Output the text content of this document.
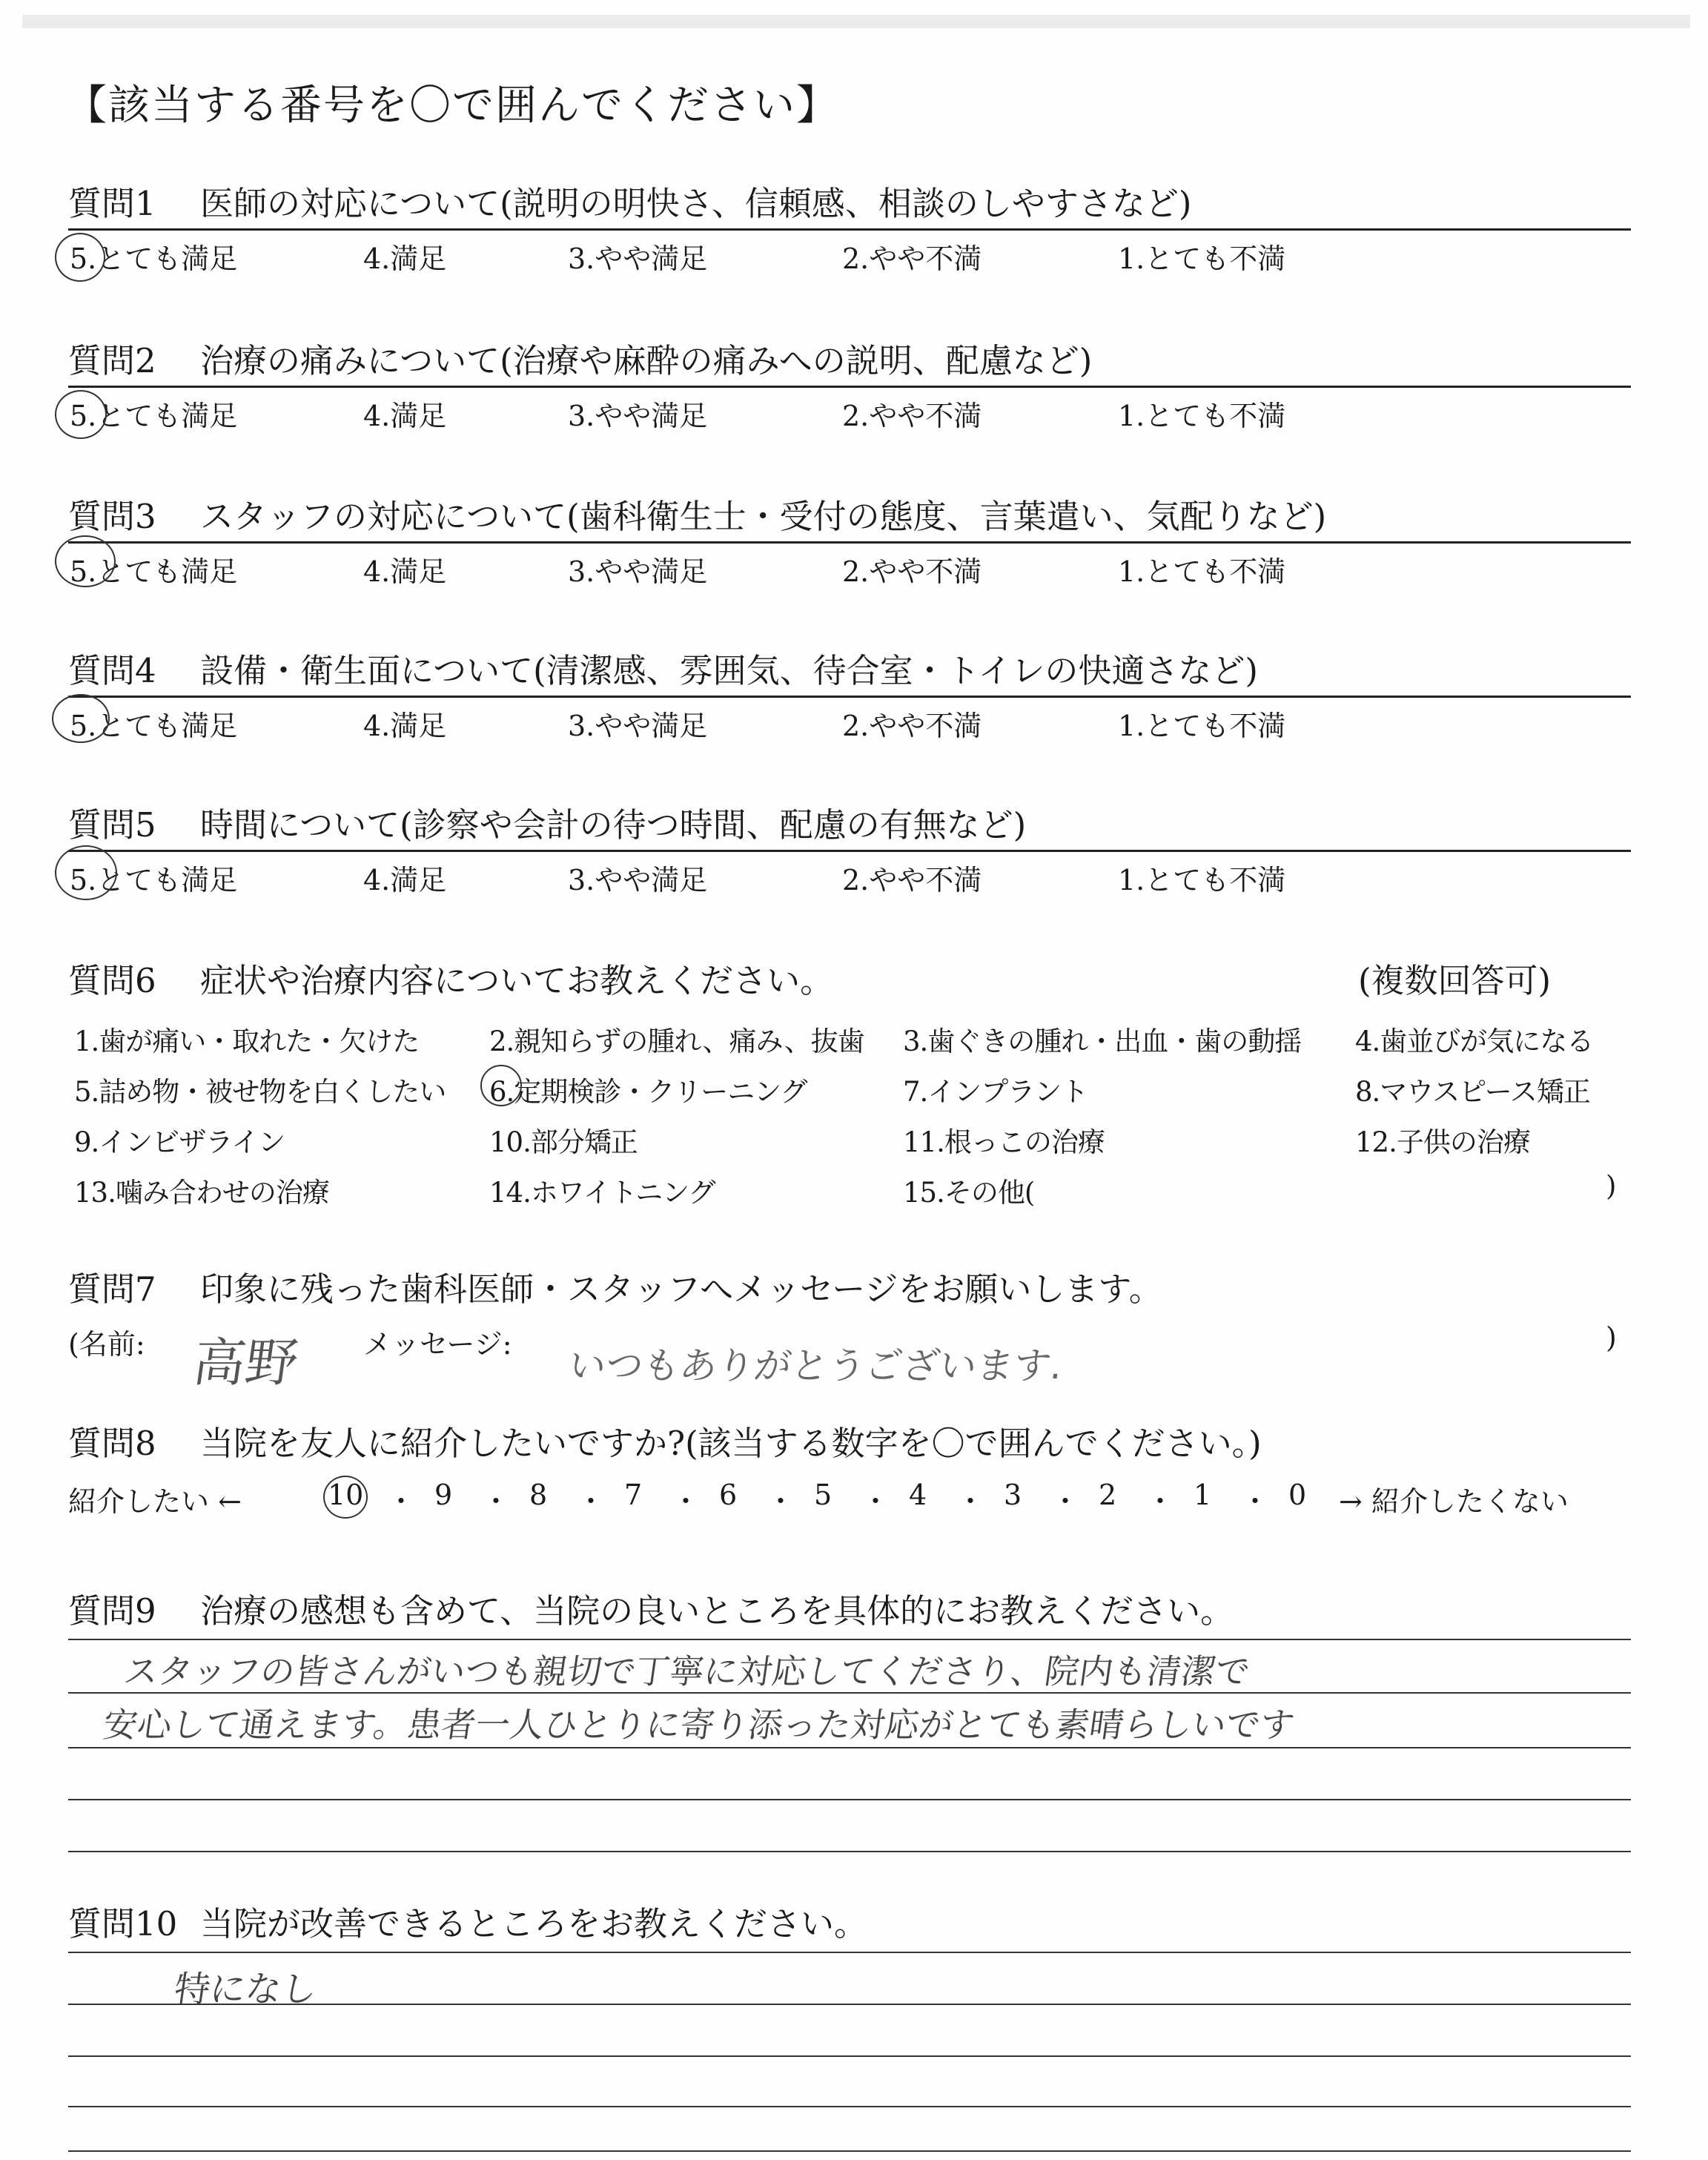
【該当する番号を〇で囲んでください】
質問1 医師の対応について(説明の明快さ、信頼感、相談のしやすさなど)
5.とても満足	4.満足	3.やや満足	2.やや不満	1.とても不満
質問2 治療の痛みについて(治療や麻酔の痛みへの説明、配慮など)
5.とても満足	4.満足	3.やや満足	2.やや不満	1.とても不満
質問3 スタッフの対応について(歯科衛生士・受付の態度、言葉遣い、気配りなど)
5.とても満足	4.満足	3.やや満足	2.やや不満	1.とても不満
質問4 設備・衛生面について(清潔感、雰囲気、待合室・トイレの快適さなど)
5.とても満足	4.満足	3.やや満足	2.やや不満	1.とても不満
質問5 時間について(診察や会計の待つ時間、配慮の有無など)
5.とても満足	4.満足	3.やや満足	2.やや不満	1.とても不満
質問6 症状や治療内容についてお教えください。	(複数回答可)
1.歯が痛い・取れた・欠けた	2.親知らずの腫れ、痛み、抜歯 3.歯ぐきの腫れ・出血・歯の動揺 4.歯並びが気になる
5.詰め物・被せ物を白くしたい 6.定期検診・クリーニング	7.インプラント	8.マウスピース矯正
9.インビザライン	10.部分矯正	11.根っこの治療	12.子供の治療
13.噛み合わせの治療	14.ホワイトニング	15.その他(	)
質問7 印象に残った歯科医師・スタッフへメッセージをお願いします。
(名前: 高野 メッセージ: いつもありがとうございます.
)
質問8 当院を友人に紹介したいですか?(該当する数字を〇で囲んでください。)
紹介したい ←	10 ・ 9 ・ 8 ・ 7 ・ 6 ・ 5 ・ 4 ・ 3 ・ 2 ・ 1 ・ 0 → 紹介したくない
質問9 治療の感想も含めて、当院の良いところを具体的にお教えください。
スタッフの皆さんがいつも親切で丁寧に対応してくださり、院内も清潔で
安心して通えます。患者一人ひとりに寄り添った対応がとても素晴らしいです
質問10 当院が改善できるところをお教えください。
特になし
